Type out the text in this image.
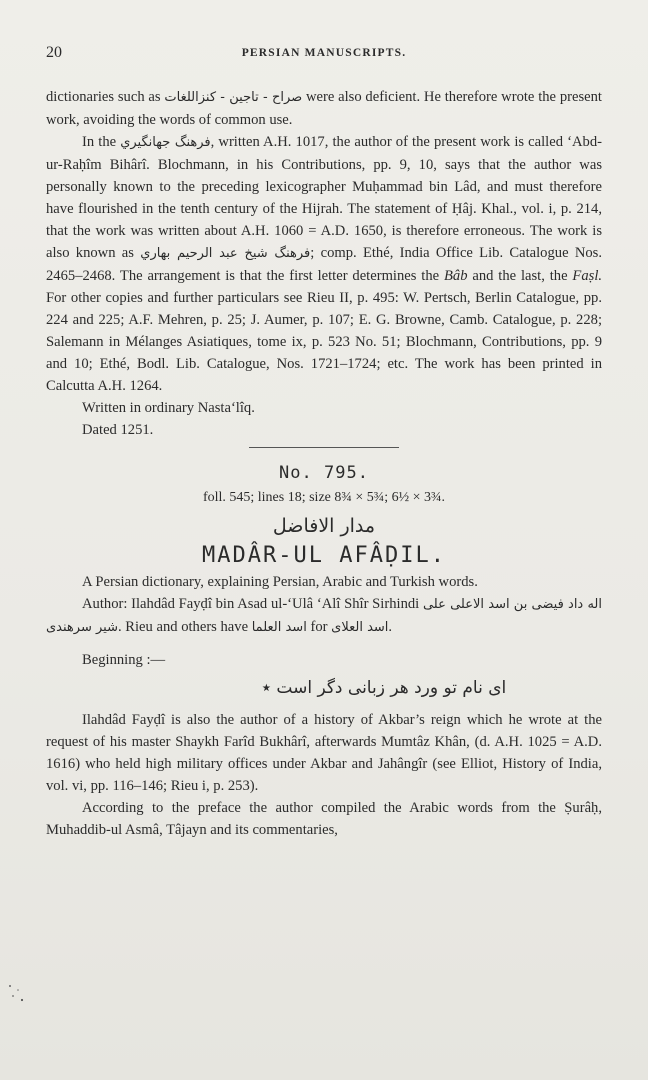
20	PERSIAN MANUSCRIPTS.

dictionaries such as صراح - تاجين - كنزاللغات were also deficient. He therefore wrote the present work, avoiding the words of common use.

In the فرهنگ جهانگيري, written A.H. 1017, the author of the present work is called ‘Abd-ur-Raḥîm Bihârî. Blochmann, in his Contributions, pp. 9, 10, says that the author was personally known to the preceding lexicographer Muḥammad bin Lâd, and must therefore have flourished in the tenth century of the Hijrah. The statement of Ḥâj. Khal., vol. i, p. 214, that the work was written about A.H. 1060 = A.D. 1650, is therefore erroneous. The work is also known as فرهنگ شيخ عبد الرحيم بهاري; comp. Ethé, India Office Lib. Catalogue Nos. 2465–2468. The arrangement is that the first letter determines the Bâb and the last, the Faṣl. For other copies and further particulars see Rieu II, p. 495: W. Pertsch, Berlin Catalogue, pp. 224 and 225; A.F. Mehren, p. 25; J. Aumer, p. 107; E. G. Browne, Camb. Catalogue, p. 228; Salemann in Mélanges Asiatiques, tome ix, p. 523 No. 51; Blochmann, Contributions, pp. 9 and 10; Ethé, Bodl. Lib. Catalogue, Nos. 1721–1724; etc. The work has been printed in Calcutta A.H. 1264.

Written in ordinary Nasta‘lîq.

Dated 1251.

No. 795.
foll. 545; lines 18; size 8¾ × 5¾; 6½ × 3¾.
مدار الافاضل
MADÂR-UL AFÂḌIL.

A Persian dictionary, explaining Persian, Arabic and Turkish words.

Author: Ilahdâd Fayḍî bin Asad ul-‘Ulâ ‘Alî Shîr Sirhindi اله داد فيضى بن اسد الاعلى على شير سرهندى. Rieu and others have اسد العلما for اسد العلاى.

Beginning :—

اى نام تو ورد هر زبانى دگر است ٭

Ilahdâd Fayḍî is also the author of a history of Akbar’s reign which he wrote at the request of his master Shaykh Farîd Bukhârî, afterwards Mumtâz Khân, (d. A.H. 1025 = A.D. 1616) who held high military offices under Akbar and Jahângîr (see Elliot, History of India, vol. vi, pp. 116–146; Rieu i, p. 253).

According to the preface the author compiled the Arabic words from the Ṣurâḥ, Muhaddib-ul Asmâ, Tâjayn and its commentaries,
